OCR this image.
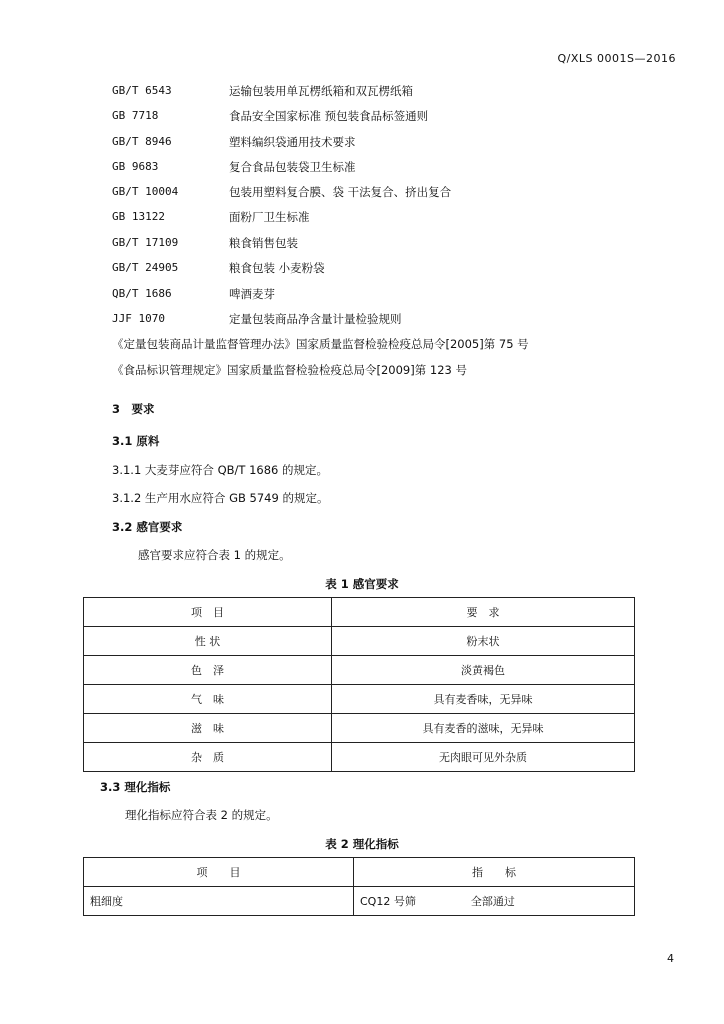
Q/XLS 0001S—2016
GB/T 6543	运输包装用单瓦楞纸箱和双瓦楞纸箱
GB 7718	食品安全国家标准 预包装食品标签通则
GB/T 8946	塑料编织袋通用技术要求
GB 9683	复合食品包装袋卫生标准
GB/T 10004	包装用塑料复合膜、袋 干法复合、挤出复合
GB 13122	面粉厂卫生标准
GB/T 17109	粮食销售包装
GB/T 24905	粮食包装 小麦粉袋
QB/T 1686	啤酒麦芽
JJF 1070	定量包装商品净含量计量检验规则
《定量包装商品计量监督管理办法》国家质量监督检验检疫总局令[2005]第 75 号
《食品标识管理规定》国家质量监督检验检疫总局令[2009]第 123 号
3　要求
3.1 原料
3.1.1 大麦芽应符合 QB/T 1686 的规定。
3.1.2 生产用水应符合 GB 5749 的规定。
3.2 感官要求
感官要求应符合表 1 的规定。
表 1 感官要求
项　目	要　求
性 状	粉末状
色　泽	淡黄褐色
气　味	具有麦香味，无异味
滋　味	具有麦香的滋味，无异味
杂　质	无肉眼可见外杂质
3.3 理化指标
理化指标应符合表 2 的规定。
表 2 理化指标
项　　目	指　　标
粗细度	CQ12 号筛 全部通过
4
